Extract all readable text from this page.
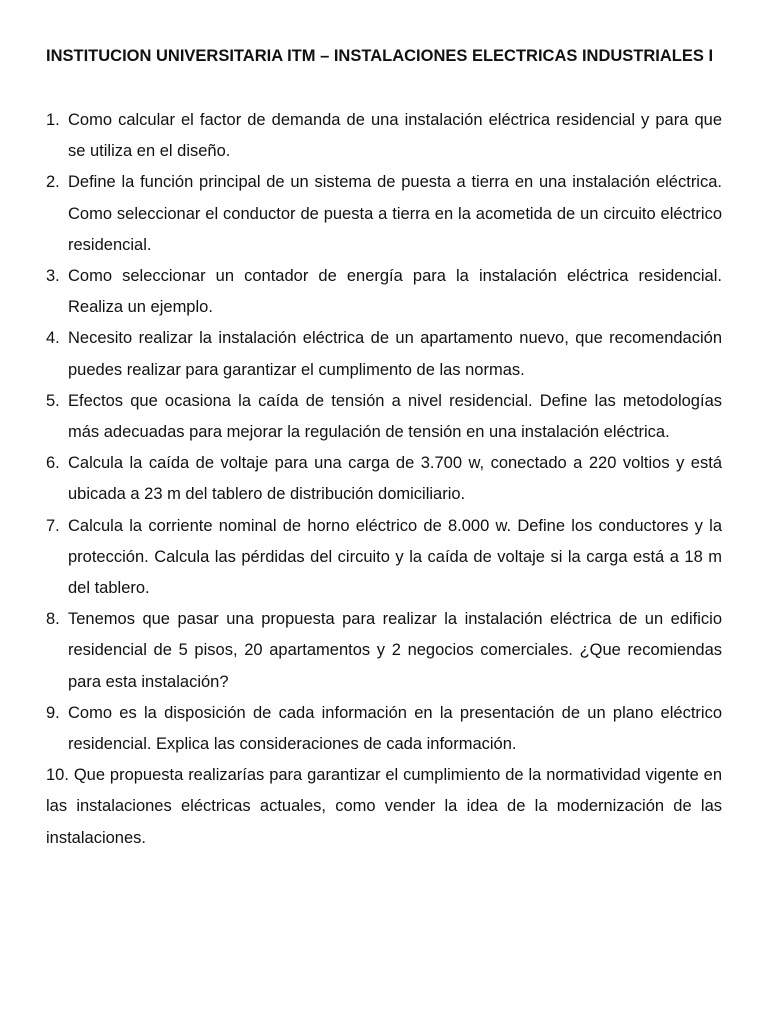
INSTITUCION UNIVERSITARIA ITM – INSTALACIONES ELECTRICAS INDUSTRIALES I

1. Como calcular el factor de demanda de una instalación eléctrica residencial y para que se utiliza en el diseño.
2. Define la función principal de un sistema de puesta a tierra en una instalación eléctrica. Como seleccionar el conductor de puesta a tierra en la acometida de un circuito eléctrico residencial.
3. Como seleccionar un contador de energía para la instalación eléctrica residencial. Realiza un ejemplo.
4. Necesito realizar la instalación eléctrica de un apartamento nuevo, que recomendación puedes realizar para garantizar el cumplimento de las normas.
5. Efectos que ocasiona la caída de tensión a nivel residencial. Define las metodologías más adecuadas para mejorar la regulación de tensión en una instalación eléctrica.
6. Calcula la caída de voltaje para una carga de 3.700 w, conectado a 220 voltios y está ubicada a 23 m del tablero de distribución domiciliario.
7. Calcula la corriente nominal de horno eléctrico de 8.000 w. Define los conductores y la protección. Calcula las pérdidas del circuito y la caída de voltaje si la carga está a 18 m del tablero.
8. Tenemos que pasar una propuesta para realizar la instalación eléctrica de un edificio residencial de 5 pisos, 20 apartamentos y 2 negocios comerciales. ¿Que recomiendas para esta instalación?
9. Como es la disposición de cada información en la presentación de un plano eléctrico residencial. Explica las consideraciones de cada información.

10. Que propuesta realizarías para garantizar el cumplimiento de la normatividad vigente en las instalaciones eléctricas actuales, como vender la idea de la modernización de las instalaciones.
